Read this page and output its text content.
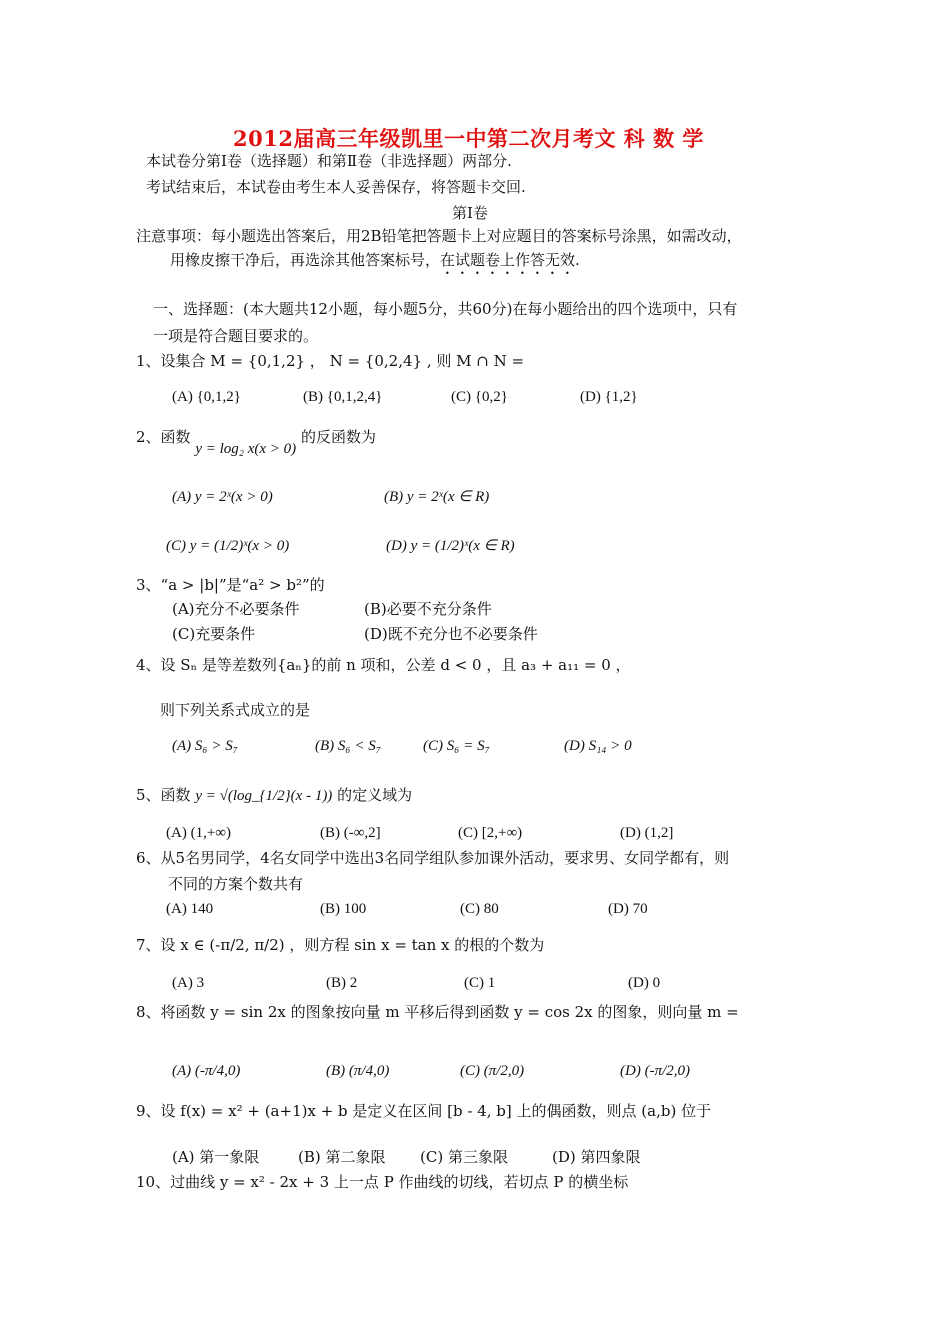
2012届高三年级凯里一中第二次月考文 科 数 学
本试卷分第Ⅰ卷（选择题）和第Ⅱ卷（非选择题）两部分.
考试结束后，本试卷由考生本人妥善保存，将答题卡交回.
第Ⅰ卷
注意事项：每小题选出答案后，用2B铅笔把答题卡上对应题目的答案标号涂黑，如需改动，
用橡皮擦干净后，再选涂其他答案标号，在试题卷上作答无效.
一、选择题：(本大题共12小题，每小题5分，共60分)在每小题给出的四个选项中，只有
一项是符合题目要求的。
1、设集合 M = {0,1,2} ， N = {0,2,4} , 则 M ∩ N =
(A) {0,1,2}	(B) {0,1,2,4}	(C) {0,2}	(D) {1,2}
2、函数 y = log₂ x(x > 0) 的反函数为
(A) y = 2ˣ(x > 0)	(B) y = 2ˣ(x ∈ R)
(C) y = (1/2)ˣ(x > 0)	(D) y = (1/2)ˣ(x ∈ R)
3、“a > |b|”是“a² > b²”的
(A)充分不必要条件	(B)必要不充分条件
(C)充要条件	(D)既不充分也不必要条件
4、设 Sₙ 是等差数列{aₙ}的前 n 项和，公差 d < 0 ，且 a₃ + a₁₁ = 0 ，
则下列关系式成立的是
(A) S₆ > S₇	(B) S₆ < S₇	(C) S₆ = S₇	(D) S₁₄ > 0
5、函数 y = √(log_{1/2}(x - 1)) 的定义域为
(A) (1,+∞)	(B) (-∞,2]	(C) [2,+∞)	(D) (1,2]
6、从5名男同学，4名女同学中选出3名同学组队参加课外活动，要求男、女同学都有，则
不同的方案个数共有
(A) 140	(B) 100	(C) 80	(D) 70
7、设 x ∈ (-π/2, π/2) ，则方程 sin x = tan x 的根的个数为
(A) 3	(B) 2	(C) 1	(D) 0
8、将函数 y = sin 2x 的图象按向量 m 平移后得到函数 y = cos 2x 的图象，则向量 m =
(A) (-π/4,0)	(B) (π/4,0)	(C) (π/2,0)	(D) (-π/2,0)
9、设 f(x) = x² + (a+1)x + b 是定义在区间 [b - 4, b] 上的偶函数，则点 (a,b) 位于
(A) 第一象限	(B) 第二象限 (C) 第三象限	(D) 第四象限
10、过曲线 y = x² - 2x + 3 上一点 P 作曲线的切线，若切点 P 的横坐标
